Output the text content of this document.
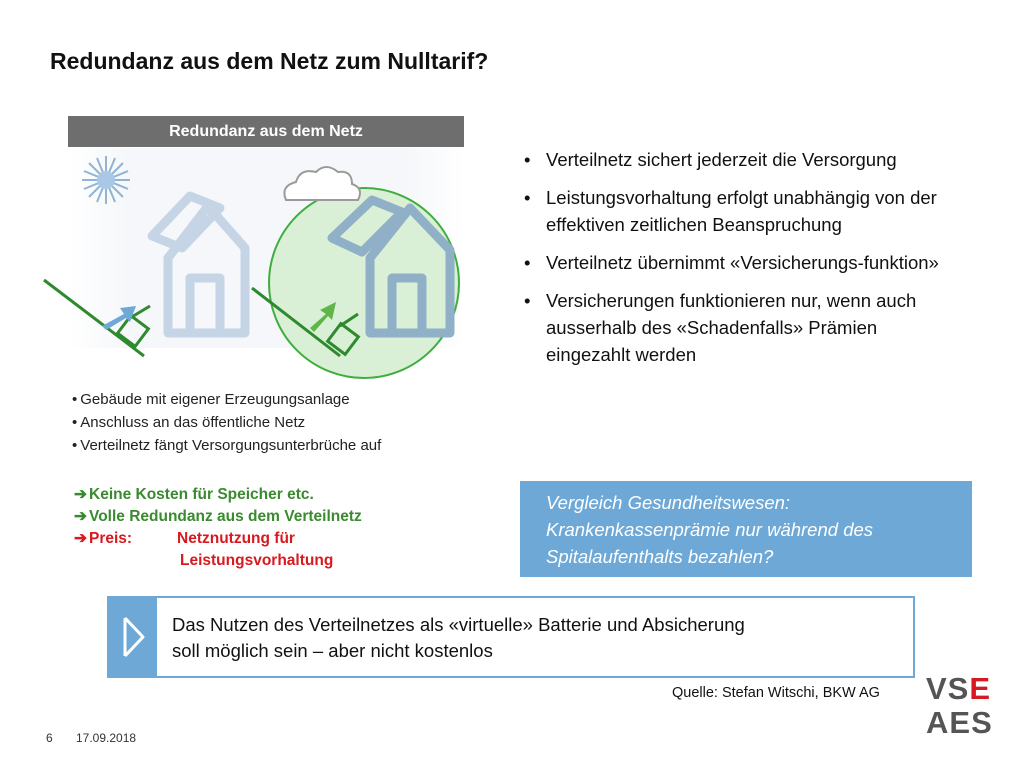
Redundanz aus dem Netz zum Nulltarif?
Redundanz aus dem Netz
• Gebäude mit eigener Erzeugungsanlage
• Anschluss an das öffentliche Netz
• Verteilnetz fängt Versorgungsunterbrüche auf
➔ Keine Kosten für Speicher etc.
➔ Volle Redundanz aus dem Verteilnetz
➔ Preis:	Netznutzung für
Leistungsvorhaltung
• Verteilnetz sichert jederzeit die Versorgung
• Leistungsvorhaltung erfolgt unabhängig von der effektiven zeitlichen Beanspruchung
• Verteilnetz übernimmt «Versicherungs-funktion»
• Versicherungen funktionieren nur, wenn auch ausserhalb des «Schadenfalls» Prämien eingezahlt werden
Vergleich Gesundheitswesen:
Krankenkassenprämie nur während des
Spitalaufenthalts bezahlen?
Das Nutzen des Verteilnetzes als «virtuelle» Batterie und Absicherung
soll möglich sein – aber nicht kostenlos
Quelle: Stefan Witschi, BKW AG
6 17.09.2018
VS E
AE S
